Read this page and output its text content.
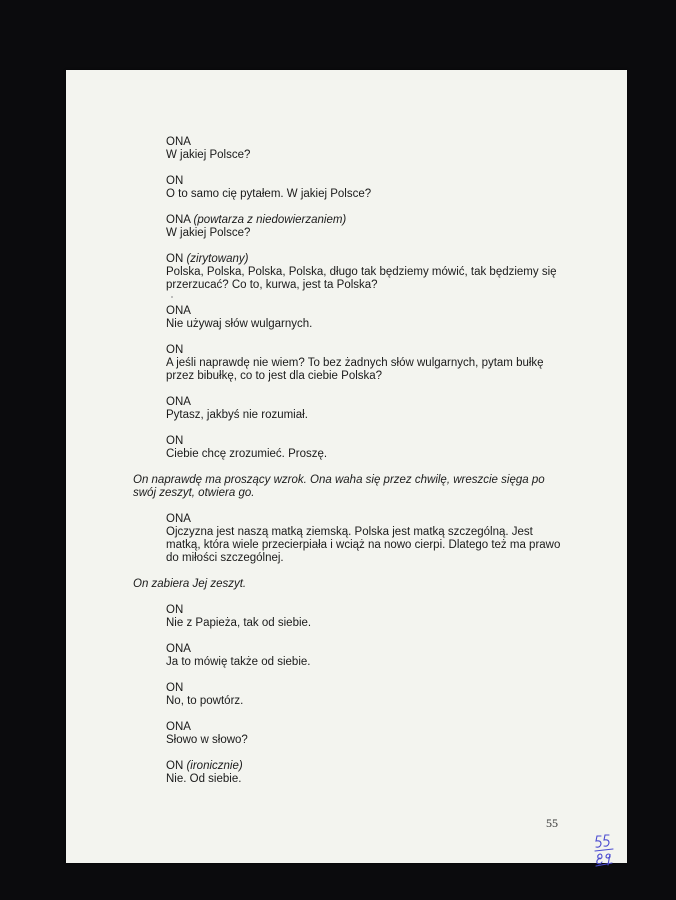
ONA
W jakiej Polsce?
ON
O to samo cię pytałem. W jakiej Polsce?
ONA (powtarza z niedowierzaniem)
W jakiej Polsce?
ON (zirytowany)
Polska, Polska, Polska, Polska, długo tak będziemy mówić, tak będziemy się
przerzucać? Co to, kurwa, jest ta Polska?
ONA
Nie używaj słów wulgarnych.
ON
A jeśli naprawdę nie wiem? To bez żadnych słów wulgarnych, pytam bułkę
przez bibułkę, co to jest dla ciebie Polska?
ONA
Pytasz, jakbyś nie rozumiał.
ON
Ciebie chcę zrozumieć. Proszę.
On naprawdę ma proszący wzrok. Ona waha się przez chwilę, wreszcie sięga po
swój zeszyt, otwiera go.
ONA
Ojczyzna jest naszą matką ziemską. Polska jest matką szczególną. Jest
matką, która wiele przecierpiała i wciąż na nowo cierpi. Dlatego też ma prawo
do miłości szczególnej.
On zabiera Jej zeszyt.
ON
Nie z Papieża, tak od siebie.
ONA
Ja to mówię także od siebie.
ON
No, to powtórz.
ONA
Słowo w słowo?
ON (ironicznie)
Nie. Od siebie.
55
